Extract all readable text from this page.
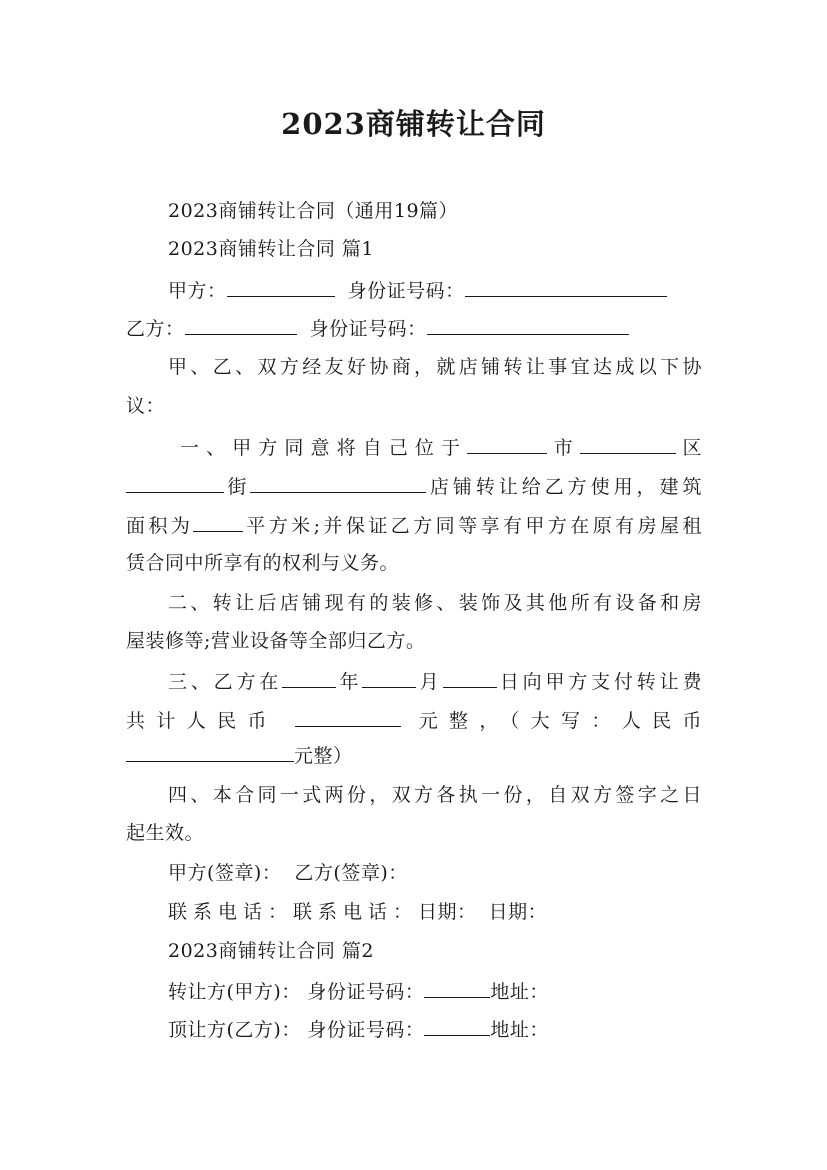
2023商铺转让合同
2023商铺转让合同（通用19篇）
2023商铺转让合同 篇1
甲方：	身份证号码：
乙方：	身份证号码：
甲、乙、双方经友好协商，就店铺转让事宜达成以下协
议：
一、甲方同意将自己位于	市	区
街	店铺转让给乙方使用，建筑
面积为	平方米;并保证乙方同等享有甲方在原有房屋租
赁合同中所享有的权利与义务。
二、转让后店铺现有的装修、装饰及其他所有设备和房
屋装修等;营业设备等全部归乙方。
三、乙方在	年	月	日向甲方支付转让费
共计人民币	元整，（大写：人民币
元整）
四、本合同一式两份，双方各执一份，自双方签字之日
起生效。
甲方(签章)： 乙方(签章)：
联系电话：联系电话：日期： 日期：
2023商铺转让合同 篇2
转让方(甲方)： 身份证号码：	地址：
顶让方(乙方)： 身份证号码：	地址：
